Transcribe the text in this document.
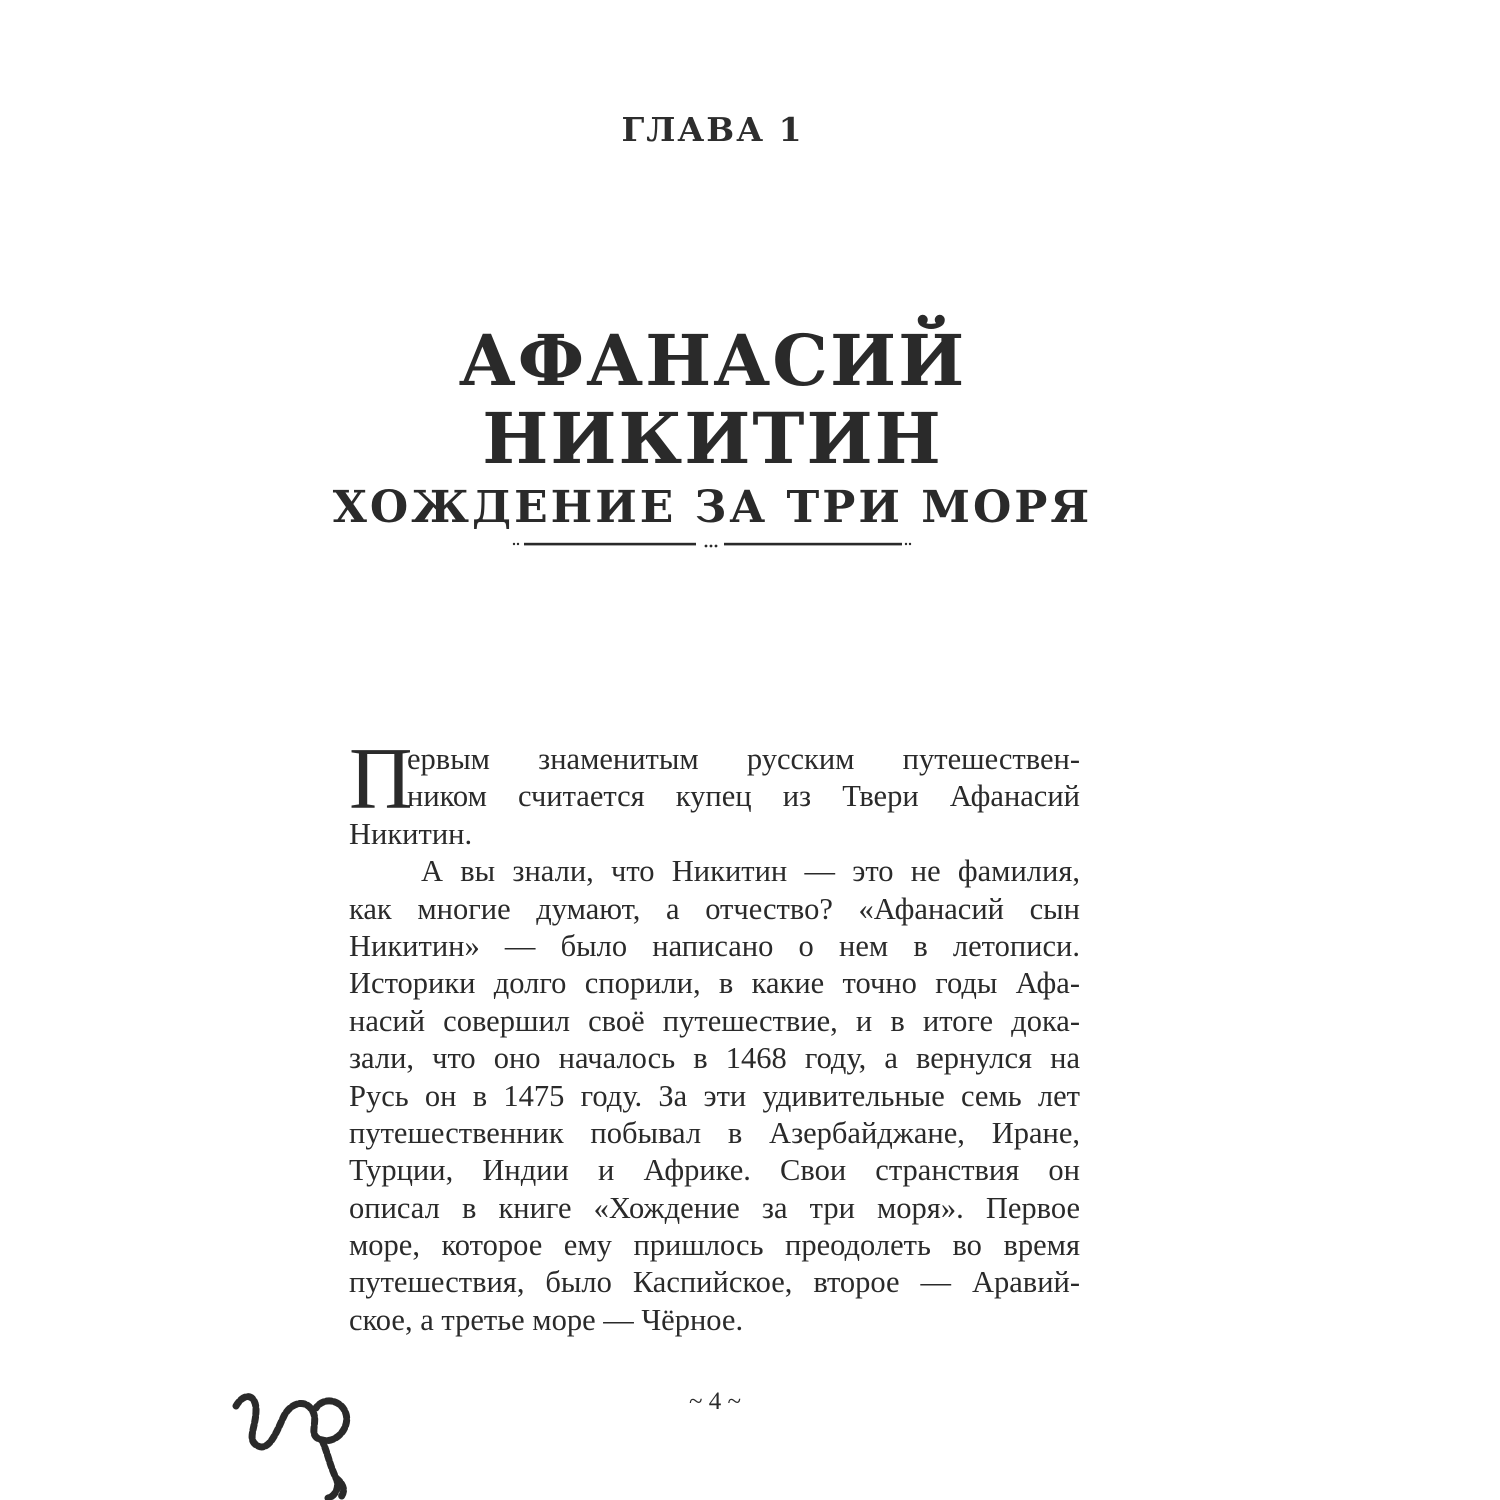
ГЛАВА 1
АФАНАСИЙ
НИКИТИН
ХОЖДЕНИЕ ЗА ТРИ МОРЯ
П
ервым знаменитым русским путешествен-
ником считается купец из Твери Афанасий
Никитин.
А вы знали, что Никитин — это не фамилия,
как многие думают, а отчество? «Афанасий сын
Никитин» — было написано о нем в летописи.
Историки долго спорили, в какие точно годы Афа-
насий совершил своё путешествие, и в итоге дока-
зали, что оно началось в 1468 году, а вернулся на
Русь он в 1475 году. За эти удивительные семь лет
путешественник побывал в Азербайджане, Иране,
Турции, Индии и Африке. Свои странствия он
описал в книге «Хождение за три моря». Первое
море, которое ему пришлось преодолеть во время
путешествия, было Каспийское, второе — Аравий-
ское, а третье море — Чёрное.
~ 4 ~
